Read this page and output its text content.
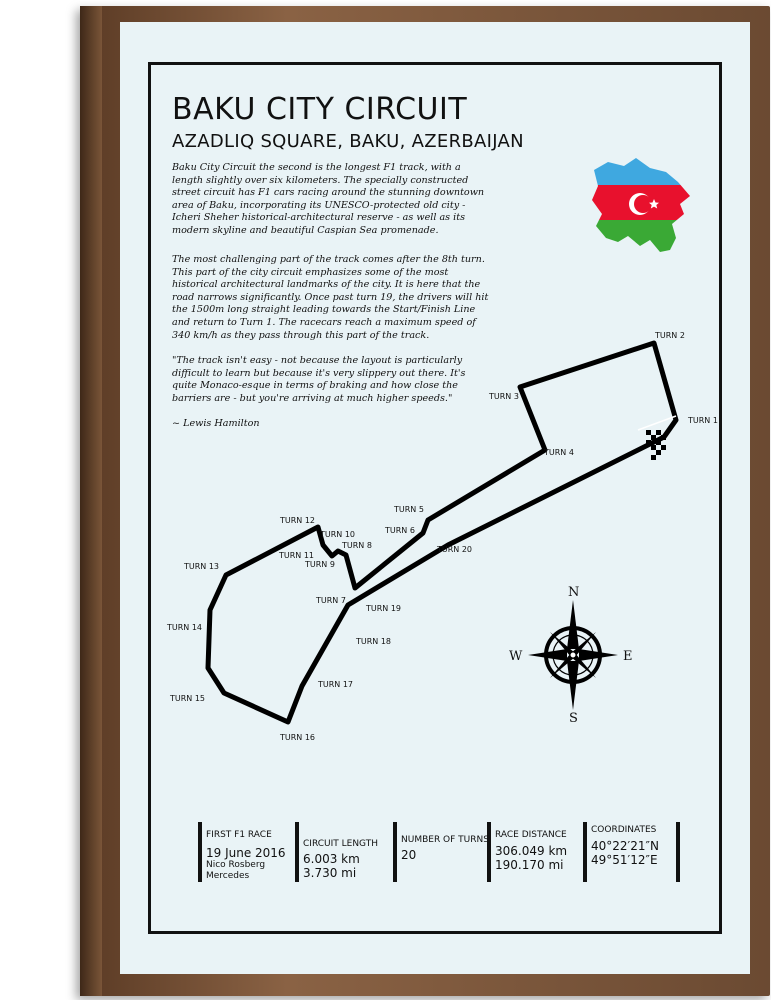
BAKU CITY CIRCUIT
AZADLIQ SQUARE, BAKU, AZERBAIJAN

Baku City Circuit the second is the longest F1 track, with a length slightly over six kilometers. The specially constructed street circuit has F1 cars racing around the stunning downtown area of Baku, incorporating its UNESCO-protected old city - Icheri Sheher historical-architectural reserve - as well as its modern skyline and beautiful Caspian Sea promenade.

The most challenging part of the track comes after the 8th turn. This part of the city circuit emphasizes some of the most historical architectural landmarks of the city. It is here that the road narrows significantly. Once past turn 19, the drivers will hit the 1500m long straight leading towards the Start/Finish Line and return to Turn 1. The racecars reach a maximum speed of 340 km/h as they pass through this part of the track.

"The track isn't easy - not because the layout is particularly difficult to learn but because it's very slippery out there. It's quite Monaco-esque in terms of braking and how close the barriers are - but you're arriving at much higher speeds."

~ Lewis Hamilton	TURN 1
TURN 2
TURN 3
TURN 4
TURN 5
TURN 6
TURN 7
TURN 8
TURN 9
TURN 10
TURN 11
TURN 12
TURN 13
TURN 14
TURN 15
TURN 16
TURN 17
TURN 18
TURN 19
TURN 20
N
S
E
W
FIRST F1 RACE
19 June 2016
Nico Rosberg
Mercedes
CIRCUIT LENGTH
6.003 km
3.730 mi
NUMBER OF TURNS
20
RACE DISTANCE
306.049 km
190.170 mi
COORDINATES
40°22′21″N
49°51′12″E
